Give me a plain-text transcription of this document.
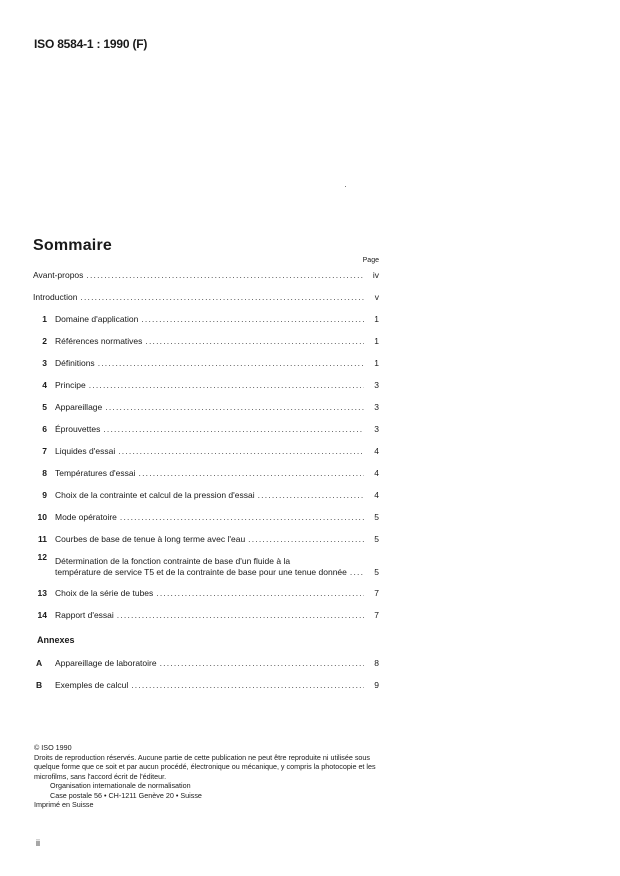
ISO 8584-1 : 1990 (F)
Sommaire
Page
Avant-propos .....	iv
Introduction .....	v
1 Domaine d'application .....	1
2 Références normatives .....	1
3 Définitions .....	1
4 Principe .....	3
5 Appareillage .....	3
6 Éprouvettes .....	3
7 Liquides d'essai .....	4
8 Températures d'essai .....	4
9 Choix de la contrainte et calcul de la pression d'essai .....	4
10 Mode opératoire .....	5
11 Courbes de base de tenue à long terme avec l'eau .....	5
12 Détermination de la fonction contrainte de base d'un fluide à la
température de service T5 et de la contrainte de base pour une tenue donnée .....	5
13 Choix de la série de tubes .....	7
14 Rapport d'essai .....	7
Annexes
A	Appareillage de laboratoire .....	8
B	Exemples de calcul .....	9

© ISO 1990

Droits de reproduction réservés. Aucune partie de cette publication ne peut être reproduite ni utilisée sous quelque forme que ce soit et par aucun procédé, électronique ou mécanique, y compris la photocopie et les microfilms, sans l'accord écrit de l'éditeur.

Organisation internationale de normalisation

Case postale 56 • CH-1211 Genève 20 • Suisse

Imprimé en Suisse

ii
